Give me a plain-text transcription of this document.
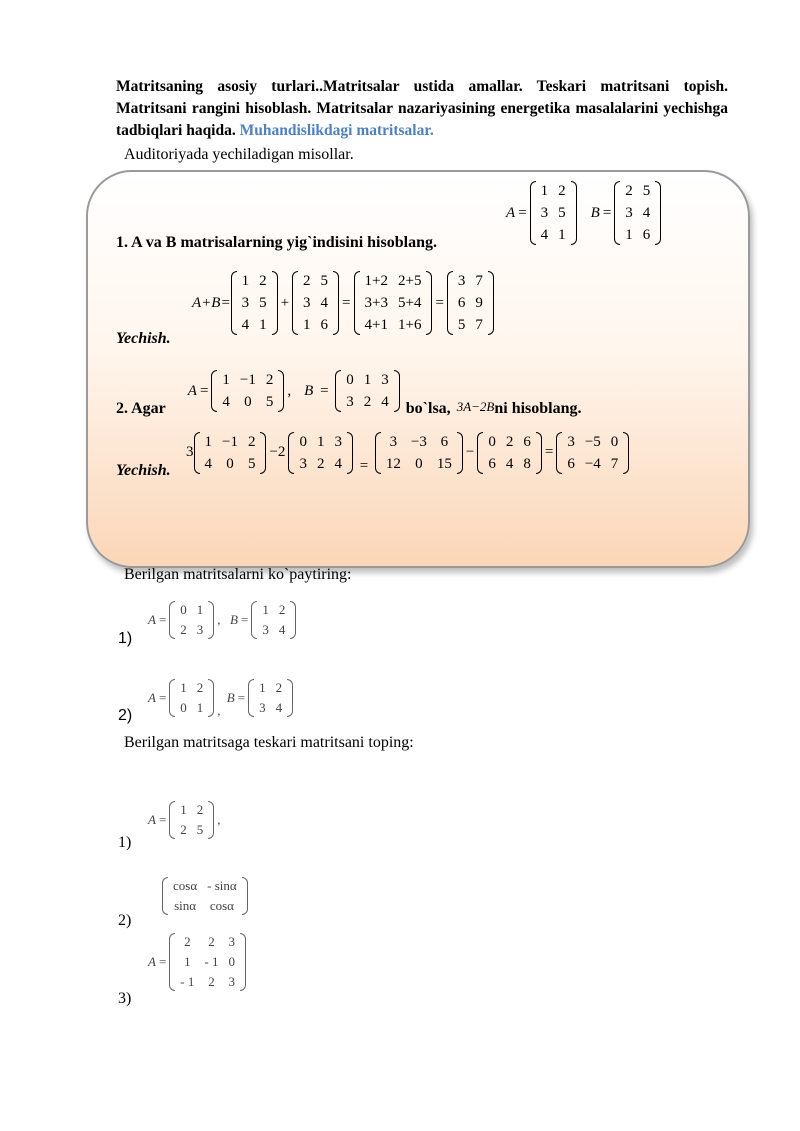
Matritsaning asosiy turlari..Matritsalar ustida amallar. Teskari matritsani topish. Matritsani rangini hisoblash. Matritsalar nazariyasining energetika masalalarini yechishga tadbiqlari haqida. Muhandislikdagi matritsalar.
Auditoriyada yechiladigan misollar.
A =
1	2
3	5
4	1
B =
2	5
3	4
1	6
1. A va B matrisalarning yig`indisini hisoblang.
A+B=
1	2
3	5
4	1
+
2	5
3	4
1	6
=
1+2	2+5
3+3	5+4
4+1	1+6
=
3	7
6	9
5	7
Yechish.
2. Agar
A =
1	−1	2
4	0	5
, B =
0	1	3
3	2	4 bo`lsa, 3A−2B ni hisoblang.
3
1	−1	2
4	0	5
−2
0	1	3
3	2	4 =
3	−3	6
12	0	15
−
0	2	6
6	4	8
=
3	−5	0
6	−4	7
Yechish.
Berilgan matritsalarni ko`paytiring:
A =
0	1
2	3
, B =
1	2
3	4
1)
A =
1	2
0	1 ,
B =
1	2
3	4
2)
Berilgan matritsaga teskari matritsani toping:
A =
1	2
2	5
,
1)
cosα	- sinα
sinα	cosα
2)
A =
2	2	3
1	- 1	0
- 1	2	3
3)
